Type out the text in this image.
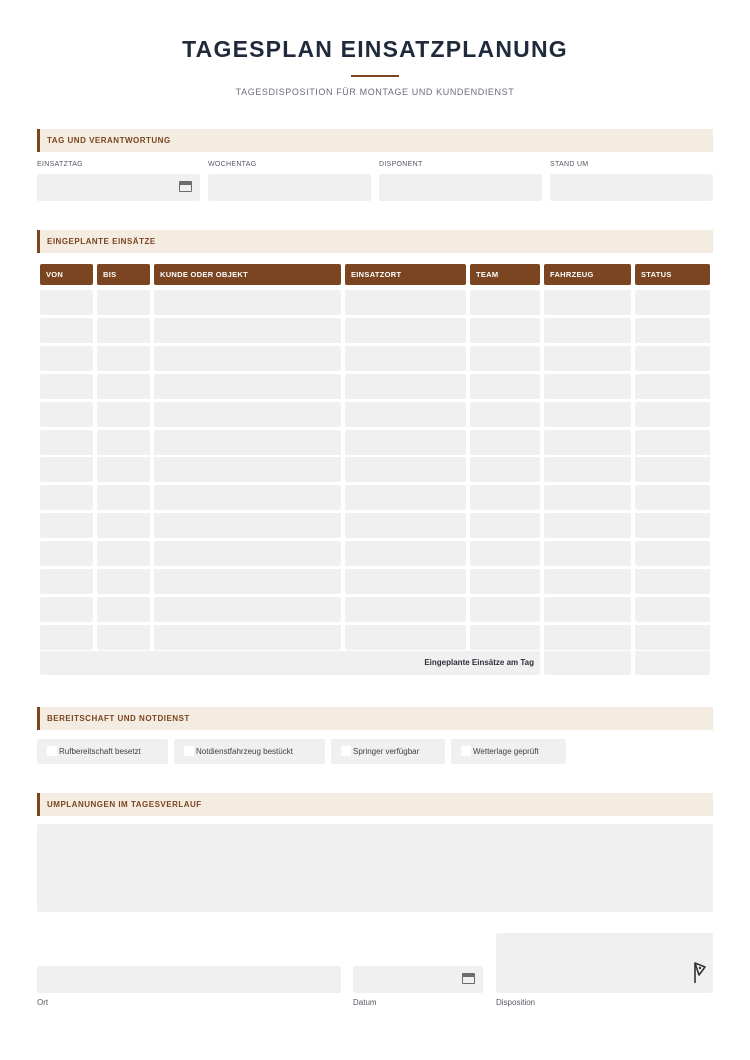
TAGESPLAN EINSATZPLANUNG
TAGESDISPOSITION FÜR MONTAGE UND KUNDENDIENST
TAG UND VERANTWORTUNG
EINSATZTAG	WOCHENTAG	DISPONENT	STAND UM
EINGEPLANTE EINSÄTZE
VON	BIS	KUNDE ODER OBJEKT	EINSATZORT	TEAM	FAHRZEUG	STATUS
Eingeplante Einsätze am Tag
BEREITSCHAFT UND NOTDIENST
Rufbereitschaft besetzt	Notdienstfahrzeug bestückt	Springer verfügbar	Wetterlage geprüft
UMPLANUNGEN IM TAGESVERLAUF
Ort	Datum	Disposition
